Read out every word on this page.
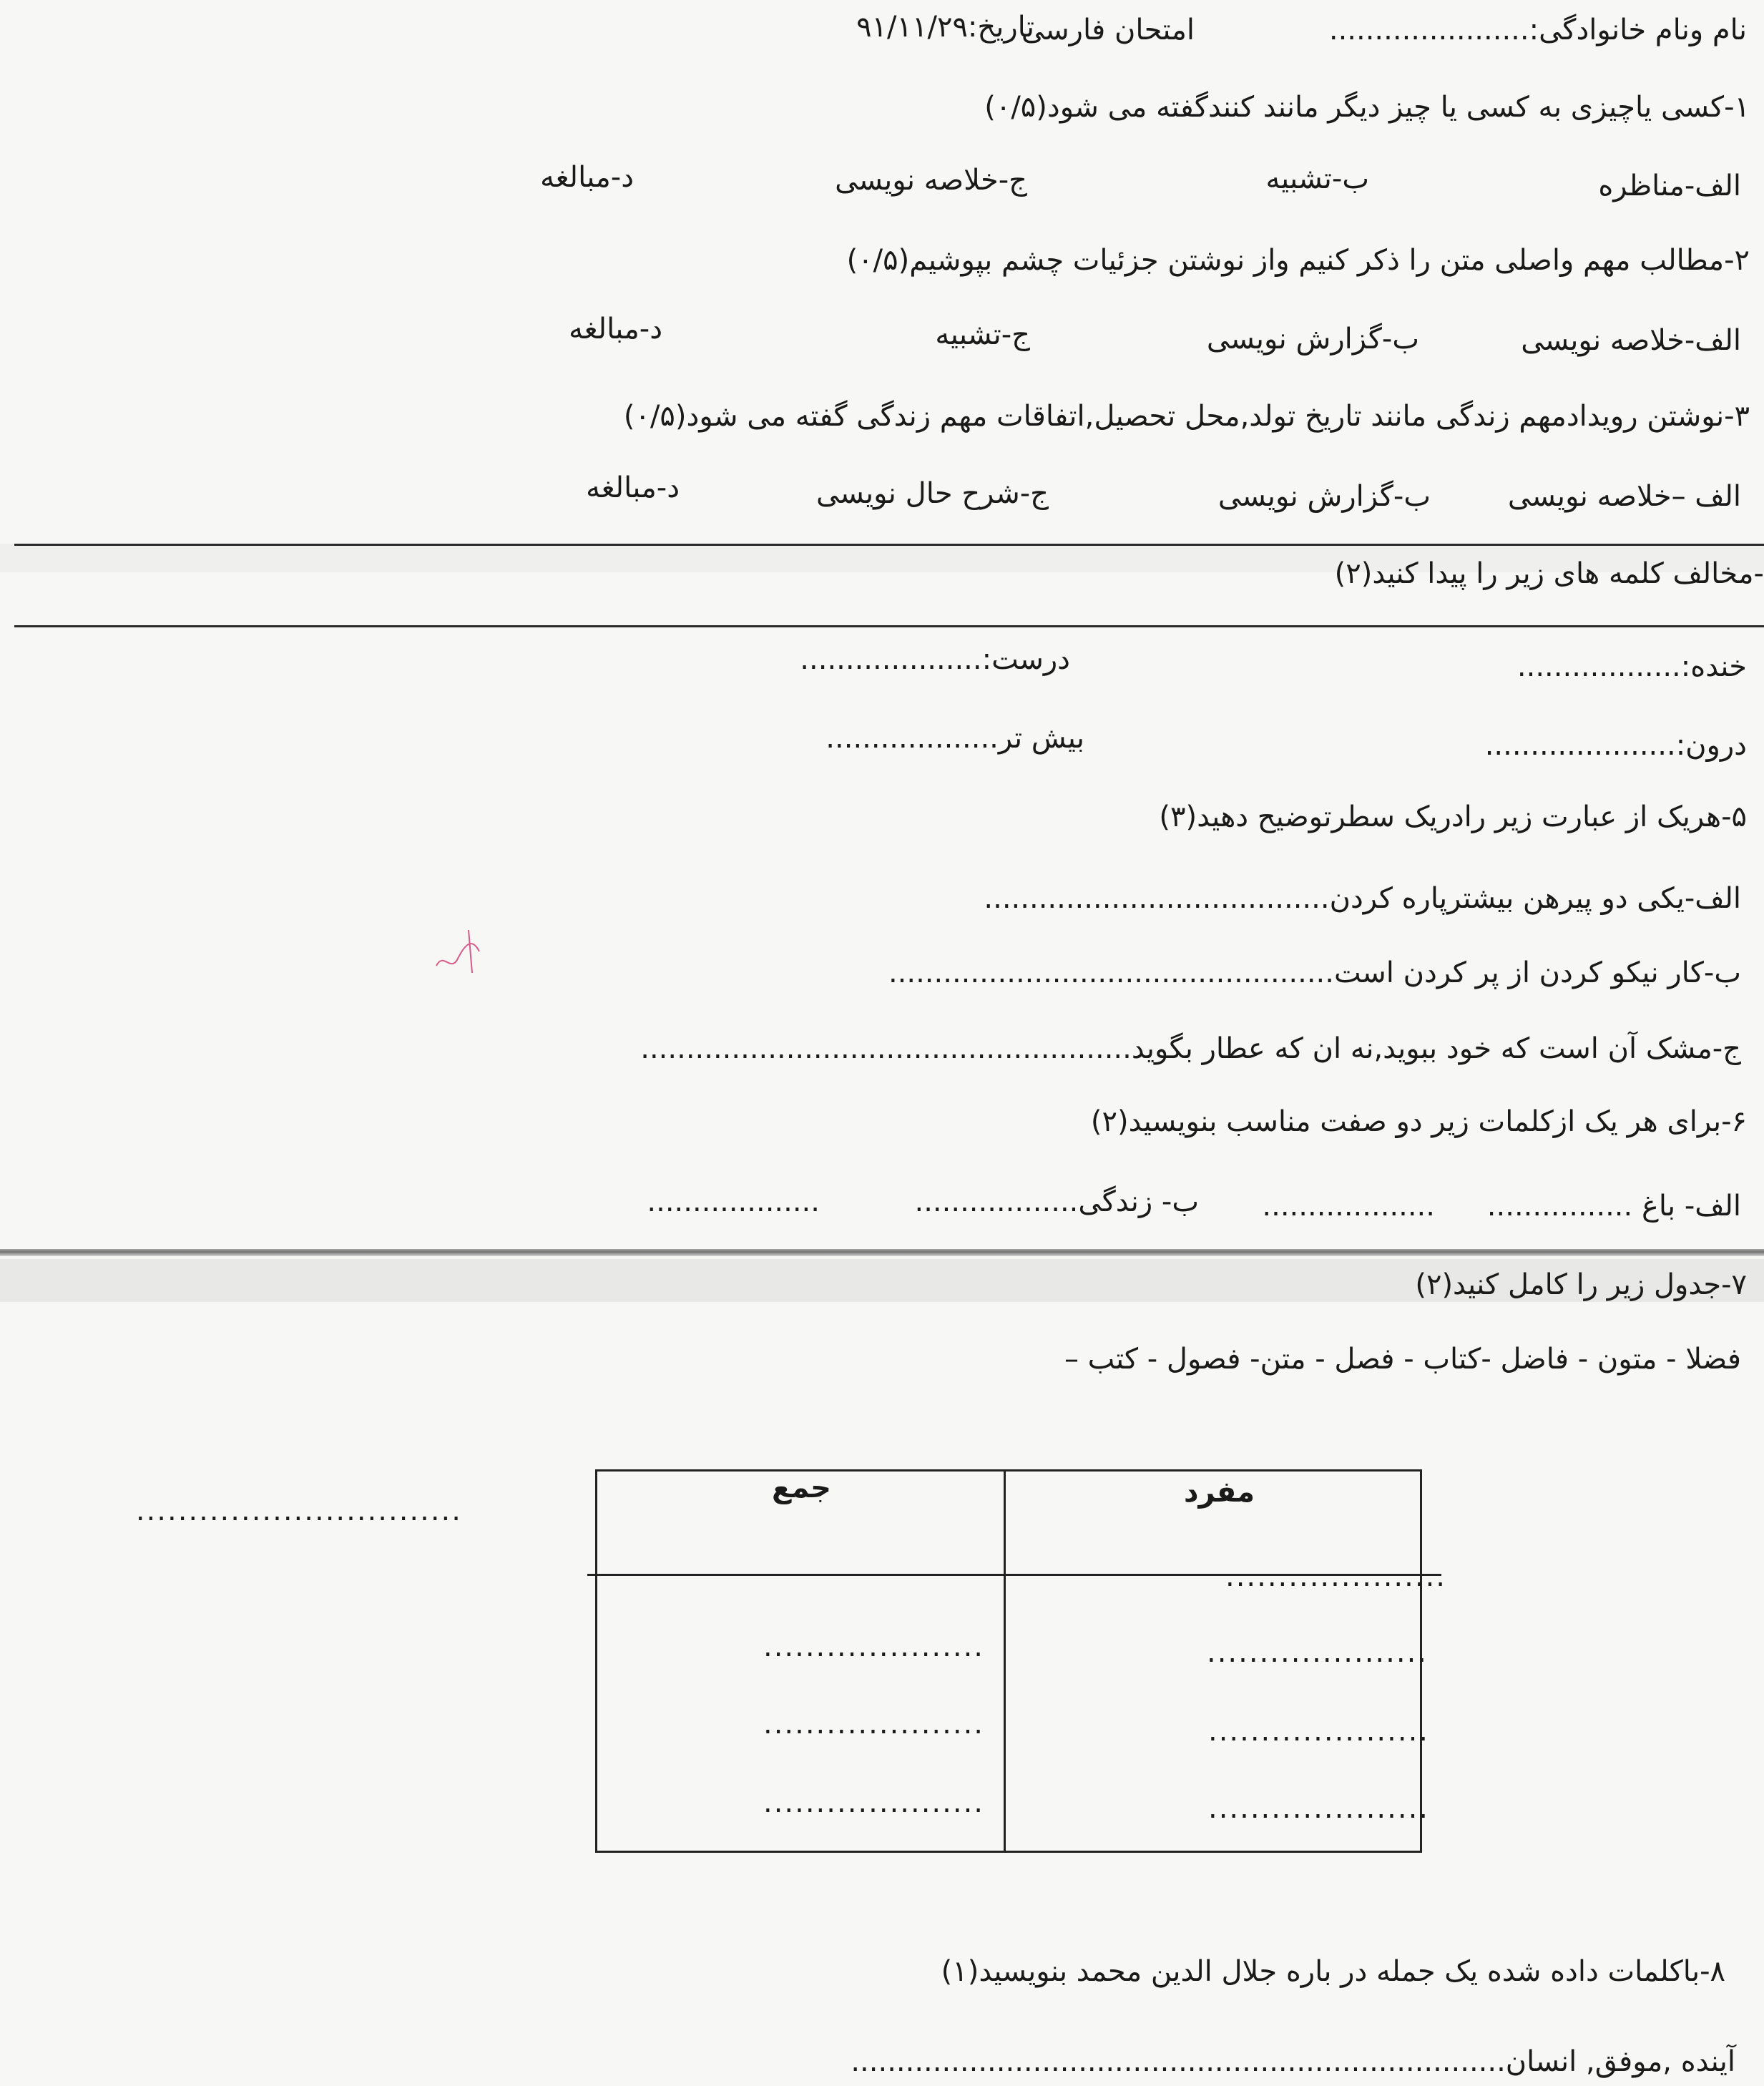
نام ونام خانوادگی:......................
امتحان فارسی
تاریخ:۹۱/۱۱/۲۹
۱-کسی یاچیزی به کسی یا چیز دیگر مانند کنندگفته می شود(۰/۵)
الف-مناظره
ب-تشبیه
ج-خلاصه نویسی
د-مبالغه
۲-مطالب مهم واصلی متن را ذکر کنیم واز نوشتن جزئیات چشم بپوشیم(۰/۵)
الف-خلاصه نویسی
ب-گزارش نویسی
ج-تشبیه
د-مبالغه
۳-نوشتن رویدادمهم زندگی مانند تاریخ تولد,محل تحصیل,اتفاقات مهم زندگی گفته می شود(۰/۵)
الف –خلاصه نویسی
ب-گزارش نویسی
ج-شرح حال نویسی
د-مبالغه
-مخالف کلمه های زیر را پیدا کنید(۲)
خنده:..................
درست:....................
درون:.....................
بیش تر...................
۵-هریک از عبارت زیر رادریک سطرتوضیح دهید(۳)
الف-یکی دو پیرهن بیشترپاره کردن......................................
ب-کار نیکو کردن از پر کردن است.................................................
ج-مشک آن است که خود ببوید,نه ان که عطار بگوید......................................................
۶-برای هر یک ازکلمات زیر دو صفت مناسب بنویسید(۲)
الف- باغ ................
...................
ب- زندگی..................
...................
۷-جدول زیر را کامل کنید(۲)
فضلا - متون - فاضل -کتاب - فصل - متن- فصول - کتب –
مفرد
جمع
.....................
.....................
.....................
.....................
.....................
.....................
.....................
...............................
۸-باکلمات داده شده یک جمله در باره جلال الدین محمد بنویسید(۱)
آینده ,موفق, انسان........................................................................
